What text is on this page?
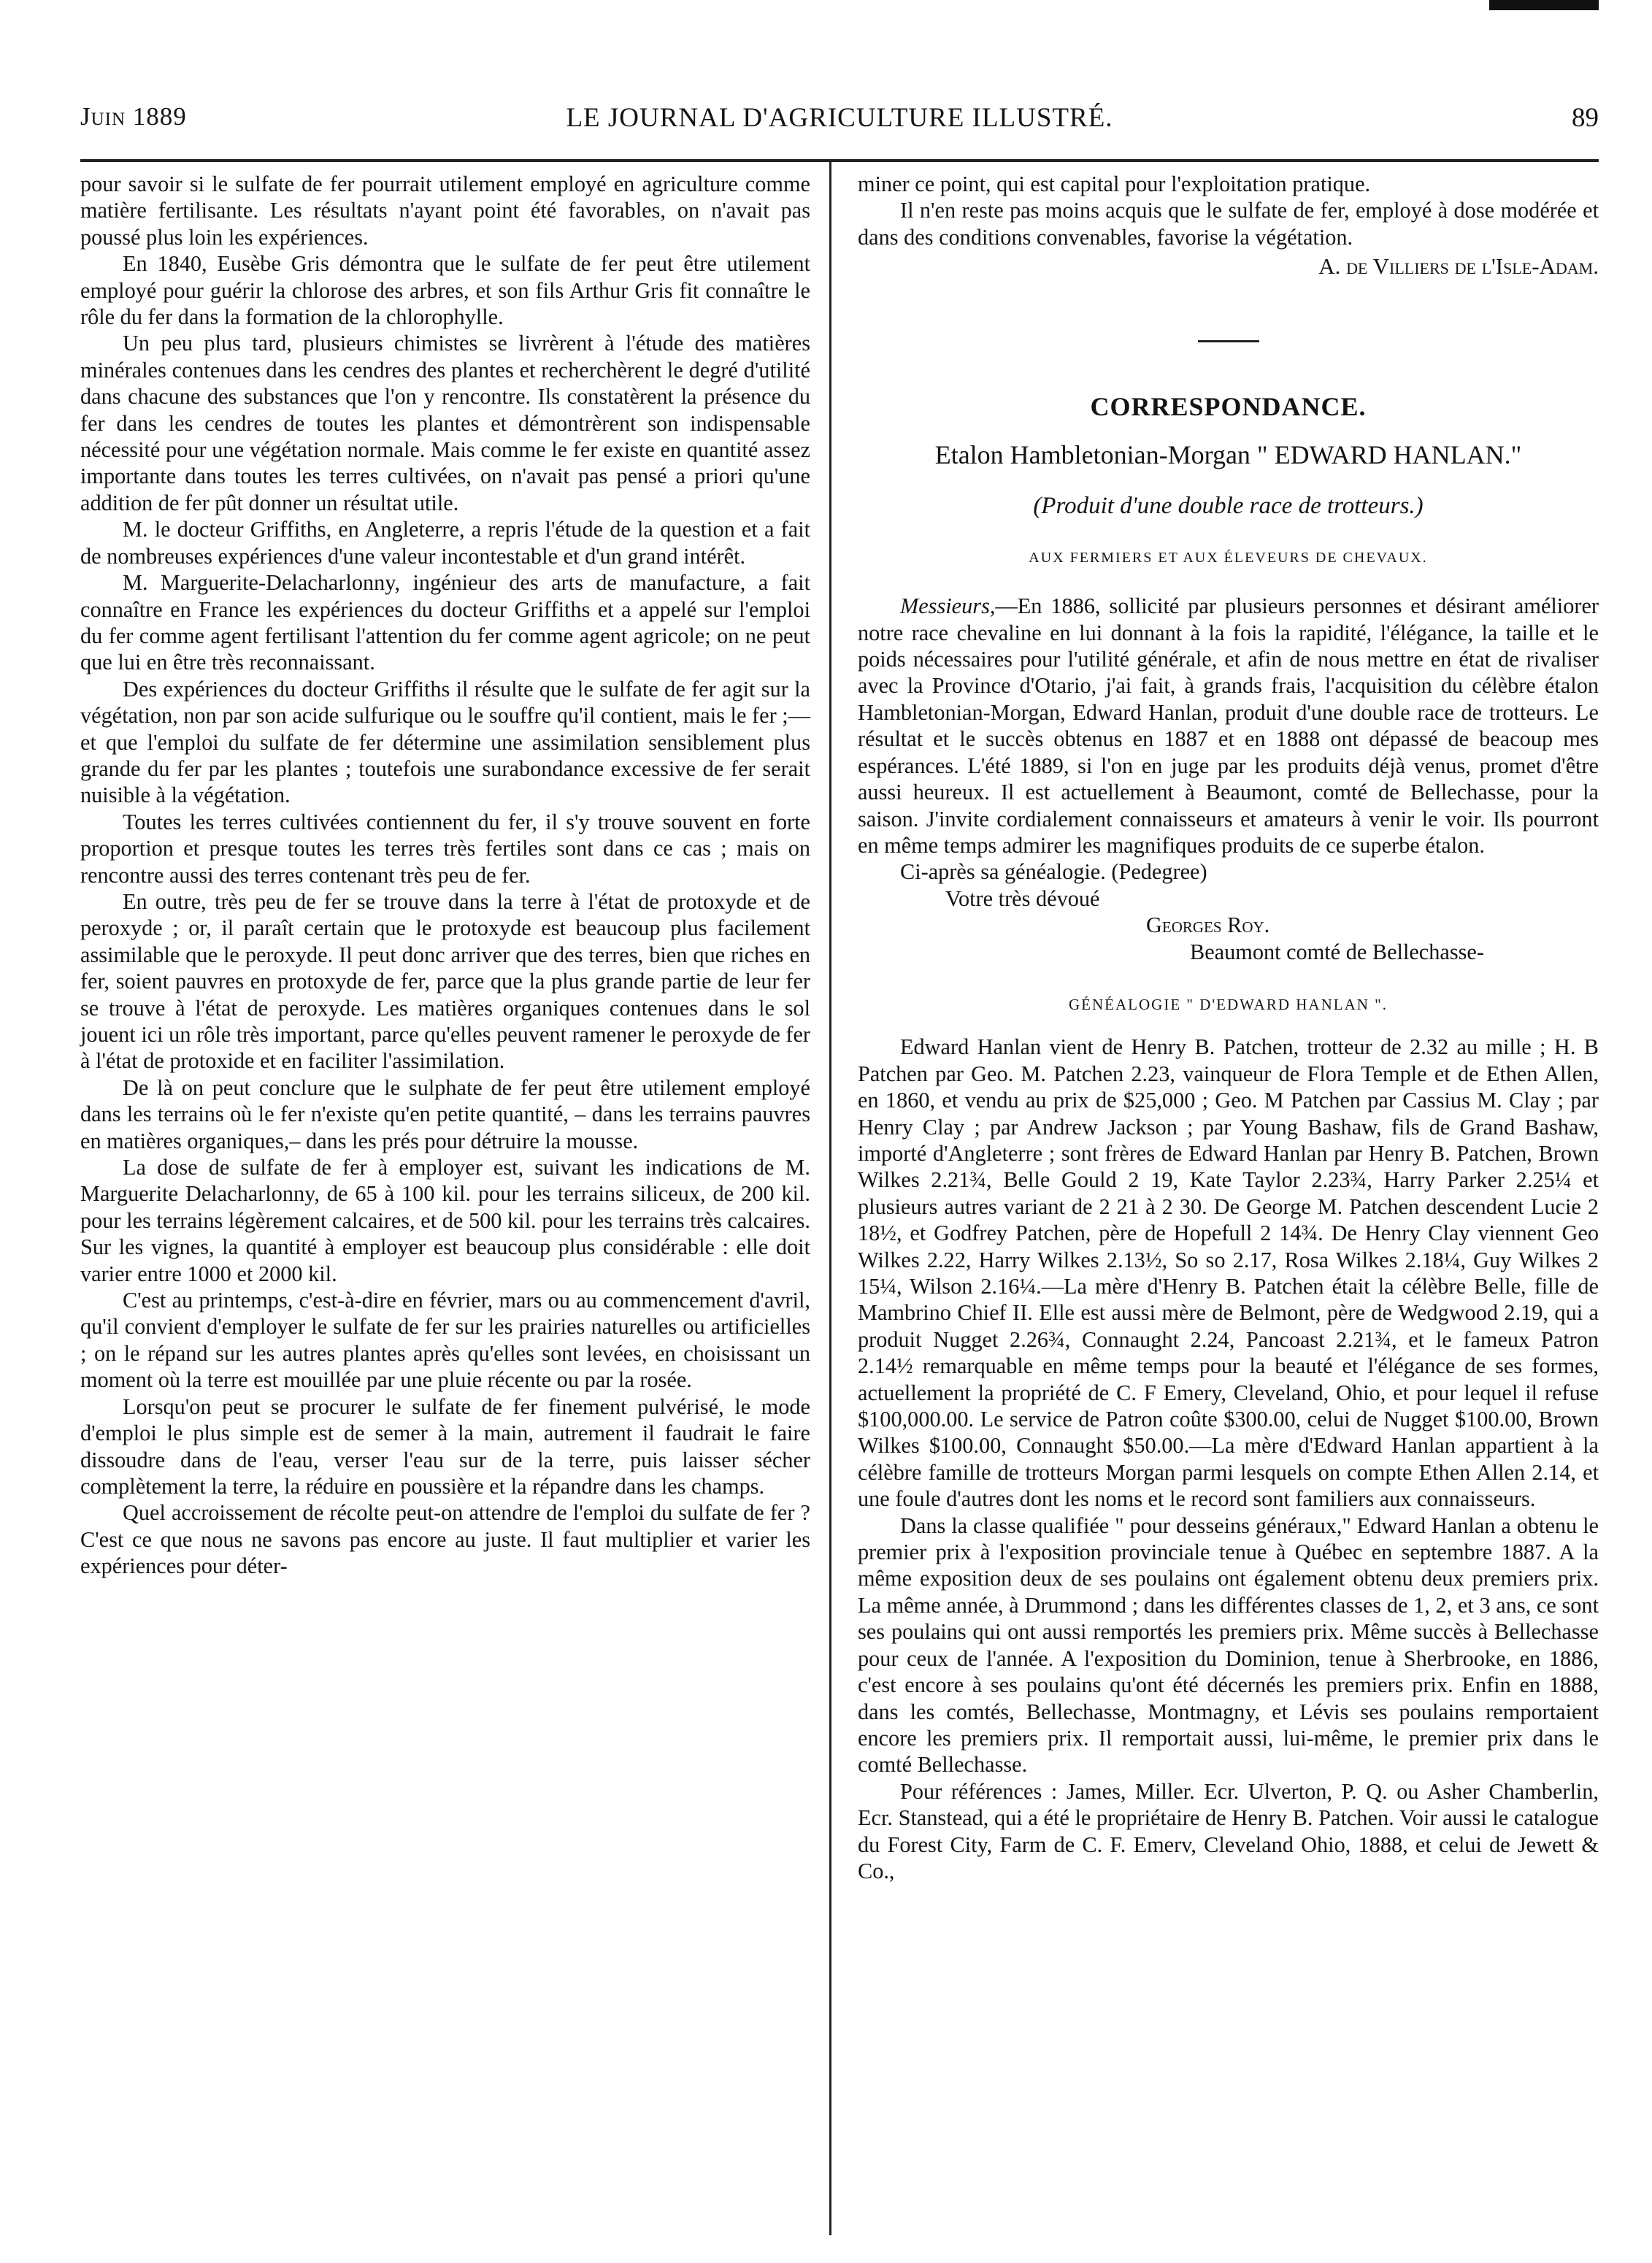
Juin 1889	LE JOURNAL D'AGRICULTURE ILLUSTRÉ.	89

pour savoir si le sulfate de fer pourrait utilement employé en agriculture comme matière fertilisante. Les résultats n'ayant point été favorables, on n'avait pas poussé plus loin les expériences.

En 1840, Eusèbe Gris démontra que le sulfate de fer peut être utilement employé pour guérir la chlorose des arbres, et son fils Arthur Gris fit connaître le rôle du fer dans la formation de la chlorophylle.

Un peu plus tard, plusieurs chimistes se livrèrent à l'étude des matières minérales contenues dans les cendres des plantes et recherchèrent le degré d'utilité dans chacune des substances que l'on y rencontre. Ils constatèrent la présence du fer dans les cendres de toutes les plantes et démontrèrent son indispensable nécessité pour une végétation normale. Mais comme le fer existe en quantité assez importante dans toutes les terres cultivées, on n'avait pas pensé a priori qu'une addition de fer pût donner un résultat utile.

M. le docteur Griffiths, en Angleterre, a repris l'étude de la question et a fait de nombreuses expériences d'une valeur incontestable et d'un grand intérêt.

M. Marguerite-Delacharlonny, ingénieur des arts de manufacture, a fait connaître en France les expériences du docteur Griffiths et a appelé sur l'emploi du fer comme agent fertilisant l'attention du fer comme agent agricole; on ne peut que lui en être très reconnaissant.

Des expériences du docteur Griffiths il résulte que le sulfate de fer agit sur la végétation, non par son acide sulfurique ou le souffre qu'il contient, mais le fer ;—et que l'emploi du sulfate de fer détermine une assimilation sensiblement plus grande du fer par les plantes ; toutefois une surabondance excessive de fer serait nuisible à la végétation.

Toutes les terres cultivées contiennent du fer, il s'y trouve souvent en forte proportion et presque toutes les terres très fertiles sont dans ce cas ; mais on rencontre aussi des terres contenant très peu de fer.

En outre, très peu de fer se trouve dans la terre à l'état de protoxyde et de peroxyde ; or, il paraît certain que le protoxyde est beaucoup plus facilement assimilable que le peroxyde. Il peut donc arriver que des terres, bien que riches en fer, soient pauvres en protoxyde de fer, parce que la plus grande partie de leur fer se trouve à l'état de peroxyde. Les matières organiques contenues dans le sol jouent ici un rôle très important, parce qu'elles peuvent ramener le peroxyde de fer à l'état de protoxide et en faciliter l'assimilation.

De là on peut conclure que le sulphate de fer peut être utilement employé dans les terrains où le fer n'existe qu'en petite quantité, – dans les terrains pauvres en matières organiques,– dans les prés pour détruire la mousse.

La dose de sulfate de fer à employer est, suivant les indications de M. Marguerite Delacharlonny, de 65 à 100 kil. pour les terrains siliceux, de 200 kil. pour les terrains légèrement calcaires, et de 500 kil. pour les terrains très calcaires. Sur les vignes, la quantité à employer est beaucoup plus considérable : elle doit varier entre 1000 et 2000 kil.

C'est au printemps, c'est-à-dire en février, mars ou au commencement d'avril, qu'il convient d'employer le sulfate de fer sur les prairies naturelles ou artificielles ; on le répand sur les autres plantes après qu'elles sont levées, en choisissant un moment où la terre est mouillée par une pluie récente ou par la rosée.

Lorsqu'on peut se procurer le sulfate de fer finement pulvérisé, le mode d'emploi le plus simple est de semer à la main, autrement il faudrait le faire dissoudre dans de l'eau, verser l'eau sur de la terre, puis laisser sécher complètement la terre, la réduire en poussière et la répandre dans les champs.

Quel accroissement de récolte peut-on attendre de l'emploi du sulfate de fer ? C'est ce que nous ne savons pas encore au juste. Il faut multiplier et varier les expériences pour déter-

miner ce point, qui est capital pour l'exploitation pratique.

Il n'en reste pas moins acquis que le sulfate de fer, employé à dose modérée et dans des conditions convenables, favorise la végétation.

A. de Villiers de l'Isle-Adam.
CORRESPONDANCE.
Etalon Hambletonian-Morgan " EDWARD HANLAN."
(Produit d'une double race de trotteurs.)
AUX FERMIERS ET AUX ÉLEVEURS DE CHEVAUX.

Messieurs,—En 1886, sollicité par plusieurs personnes et désirant améliorer notre race chevaline en lui donnant à la fois la rapidité, l'élégance, la taille et le poids nécessaires pour l'utilité générale, et afin de nous mettre en état de rivaliser avec la Province d'Otario, j'ai fait, à grands frais, l'acquisition du célèbre étalon Hambletonian-Morgan, Edward Hanlan, produit d'une double race de trotteurs. Le résultat et le succès obtenus en 1887 et en 1888 ont dépassé de beacoup mes espérances. L'été 1889, si l'on en juge par les produits déjà venus, promet d'être aussi heureux. Il est actuellement à Beaumont, comté de Bellechasse, pour la saison. J'invite cordialement connaisseurs et amateurs à venir le voir. Ils pourront en même temps admirer les magnifiques produits de ce superbe étalon.

Ci-après sa généalogie. (Pedegree)
Votre très dévoué
Georges Roy.
Beaumont comté de Bellechasse-
GÉNÉALOGIE " D'EDWARD HANLAN ".

Edward Hanlan vient de Henry B. Patchen, trotteur de 2.32 au mille ; H. B Patchen par Geo. M. Patchen 2.23, vainqueur de Flora Temple et de Ethen Allen, en 1860, et vendu au prix de $25,000 ; Geo. M Patchen par Cassius M. Clay ; par Henry Clay ; par Andrew Jackson ; par Young Bashaw, fils de Grand Bashaw, importé d'Angleterre ; sont frères de Edward Hanlan par Henry B. Patchen, Brown Wilkes 2.21¾, Belle Gould 2 19, Kate Taylor 2.23¾, Harry Parker 2.25¼ et plusieurs autres variant de 2 21 à 2 30. De George M. Patchen descendent Lucie 2 18½, et Godfrey Patchen, père de Hopefull 2 14¾. De Henry Clay viennent Geo Wilkes 2.22, Harry Wilkes 2.13½, So so 2.17, Rosa Wilkes 2.18¼, Guy Wilkes 2 15¼, Wilson 2.16¼.—La mère d'Henry B. Patchen était la célèbre Belle, fille de Mambrino Chief II. Elle est aussi mère de Belmont, père de Wedgwood 2.19, qui a produit Nugget 2.26¾, Connaught 2.24, Pancoast 2.21¾, et le fameux Patron 2.14½ remarquable en même temps pour la beauté et l'élégance de ses formes, actuellement la propriété de C. F Emery, Cleveland, Ohio, et pour lequel il refuse $100,000.00. Le service de Patron coûte $300.00, celui de Nugget $100.00, Brown Wilkes $100.00, Connaught $50.00.—La mère d'Edward Hanlan appartient à la célèbre famille de trotteurs Morgan parmi lesquels on compte Ethen Allen 2.14, et une foule d'autres dont les noms et le record sont familiers aux connaisseurs.

Dans la classe qualifiée " pour desseins généraux," Edward Hanlan a obtenu le premier prix à l'exposition provinciale tenue à Québec en septembre 1887. A la même exposition deux de ses poulains ont également obtenu deux premiers prix. La même année, à Drummond ; dans les différentes classes de 1, 2, et 3 ans, ce sont ses poulains qui ont aussi remportés les premiers prix. Même succès à Bellechasse pour ceux de l'année. A l'exposition du Dominion, tenue à Sherbrooke, en 1886, c'est encore à ses poulains qu'ont été décernés les premiers prix. Enfin en 1888, dans les comtés, Bellechasse, Montmagny, et Lévis ses poulains remportaient encore les premiers prix. Il remportait aussi, lui-même, le premier prix dans le comté Bellechasse.

Pour références : James, Miller. Ecr. Ulverton, P. Q. ou Asher Chamberlin, Ecr. Stanstead, qui a été le propriétaire de Henry B. Patchen. Voir aussi le catalogue du Forest City, Farm de C. F. Emerv, Cleveland Ohio, 1888, et celui de Jewett & Co.,
